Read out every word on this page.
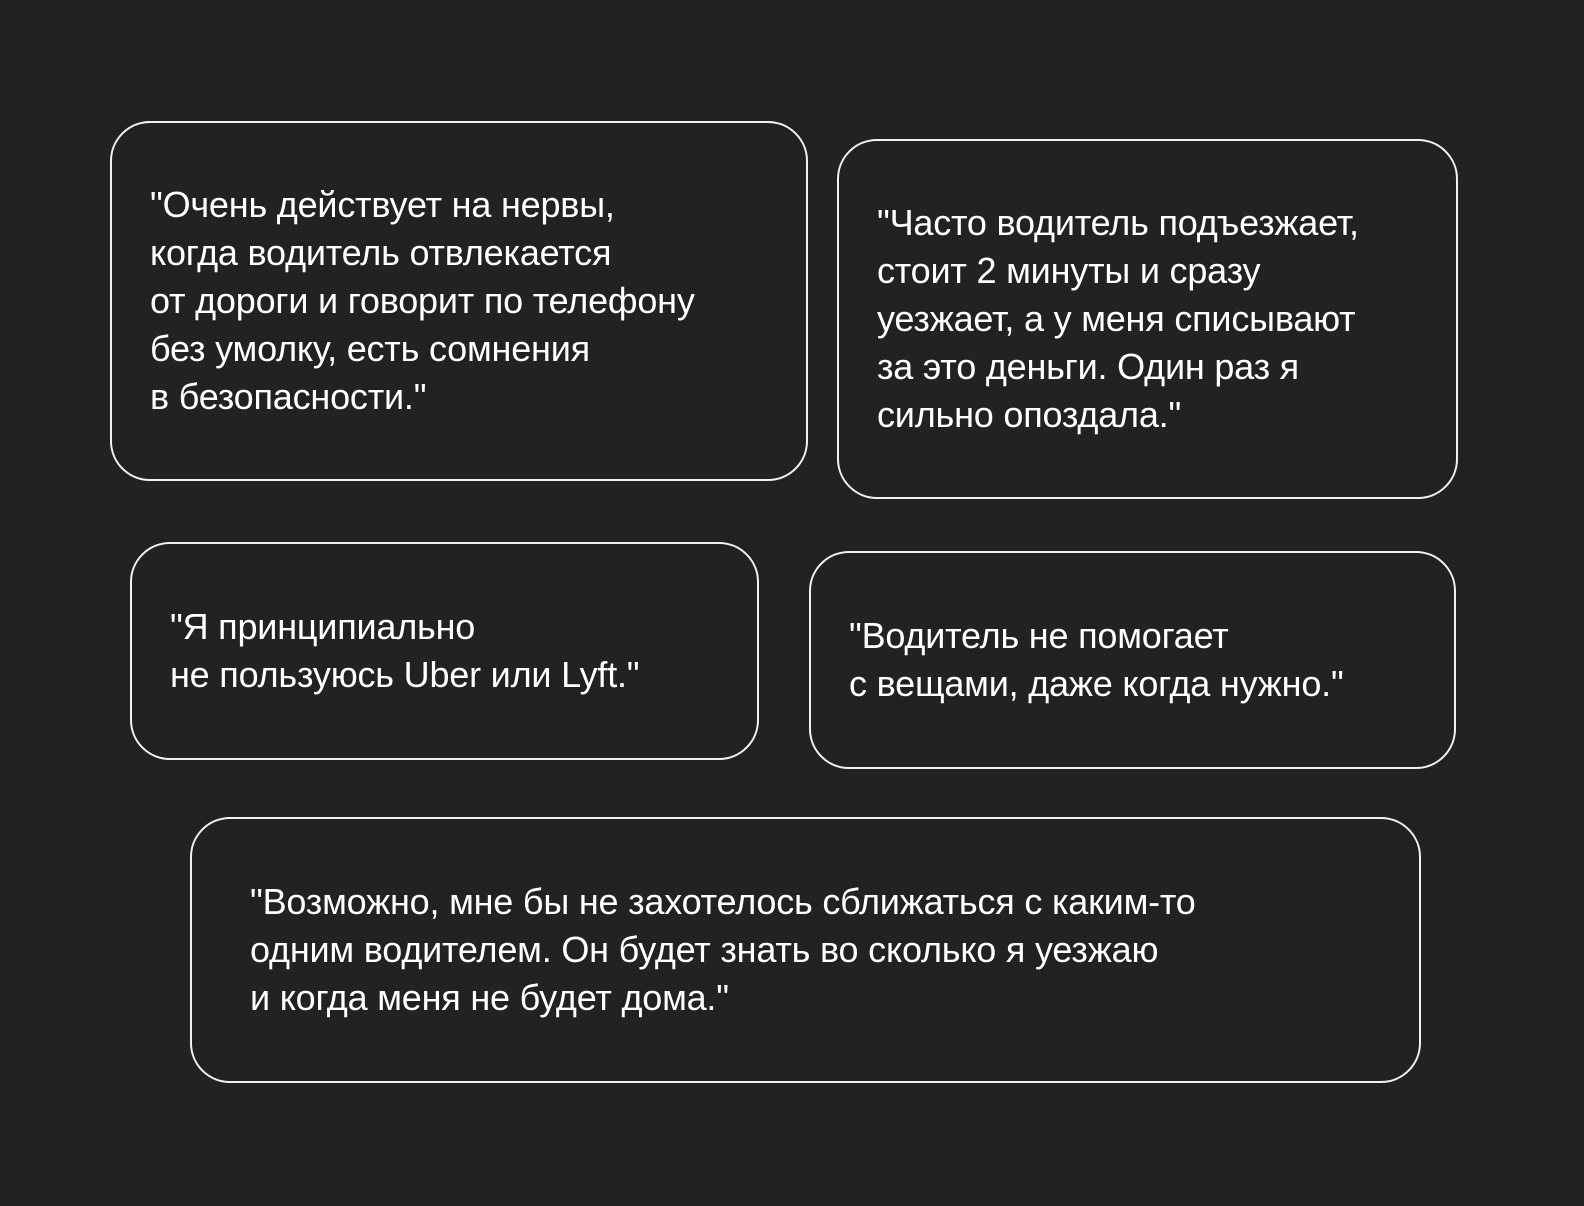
"Очень действует на нервы,
когда водитель отвлекается
от дороги и говорит по телефону
без умолку, есть сомнения
в безопасности."
"Часто водитель подъезжает,
стоит 2 минуты и сразу
уезжает, а у меня списывают
за это деньги. Один раз я
сильно опоздала."
"Я принципиально
не пользуюсь Uber или Lyft."
"Водитель не помогает
с вещами, даже когда нужно."
"Возможно, мне бы не захотелось сближаться с каким-то
одним водителем. Он будет знать во сколько я уезжаю
и когда меня не будет дома."
